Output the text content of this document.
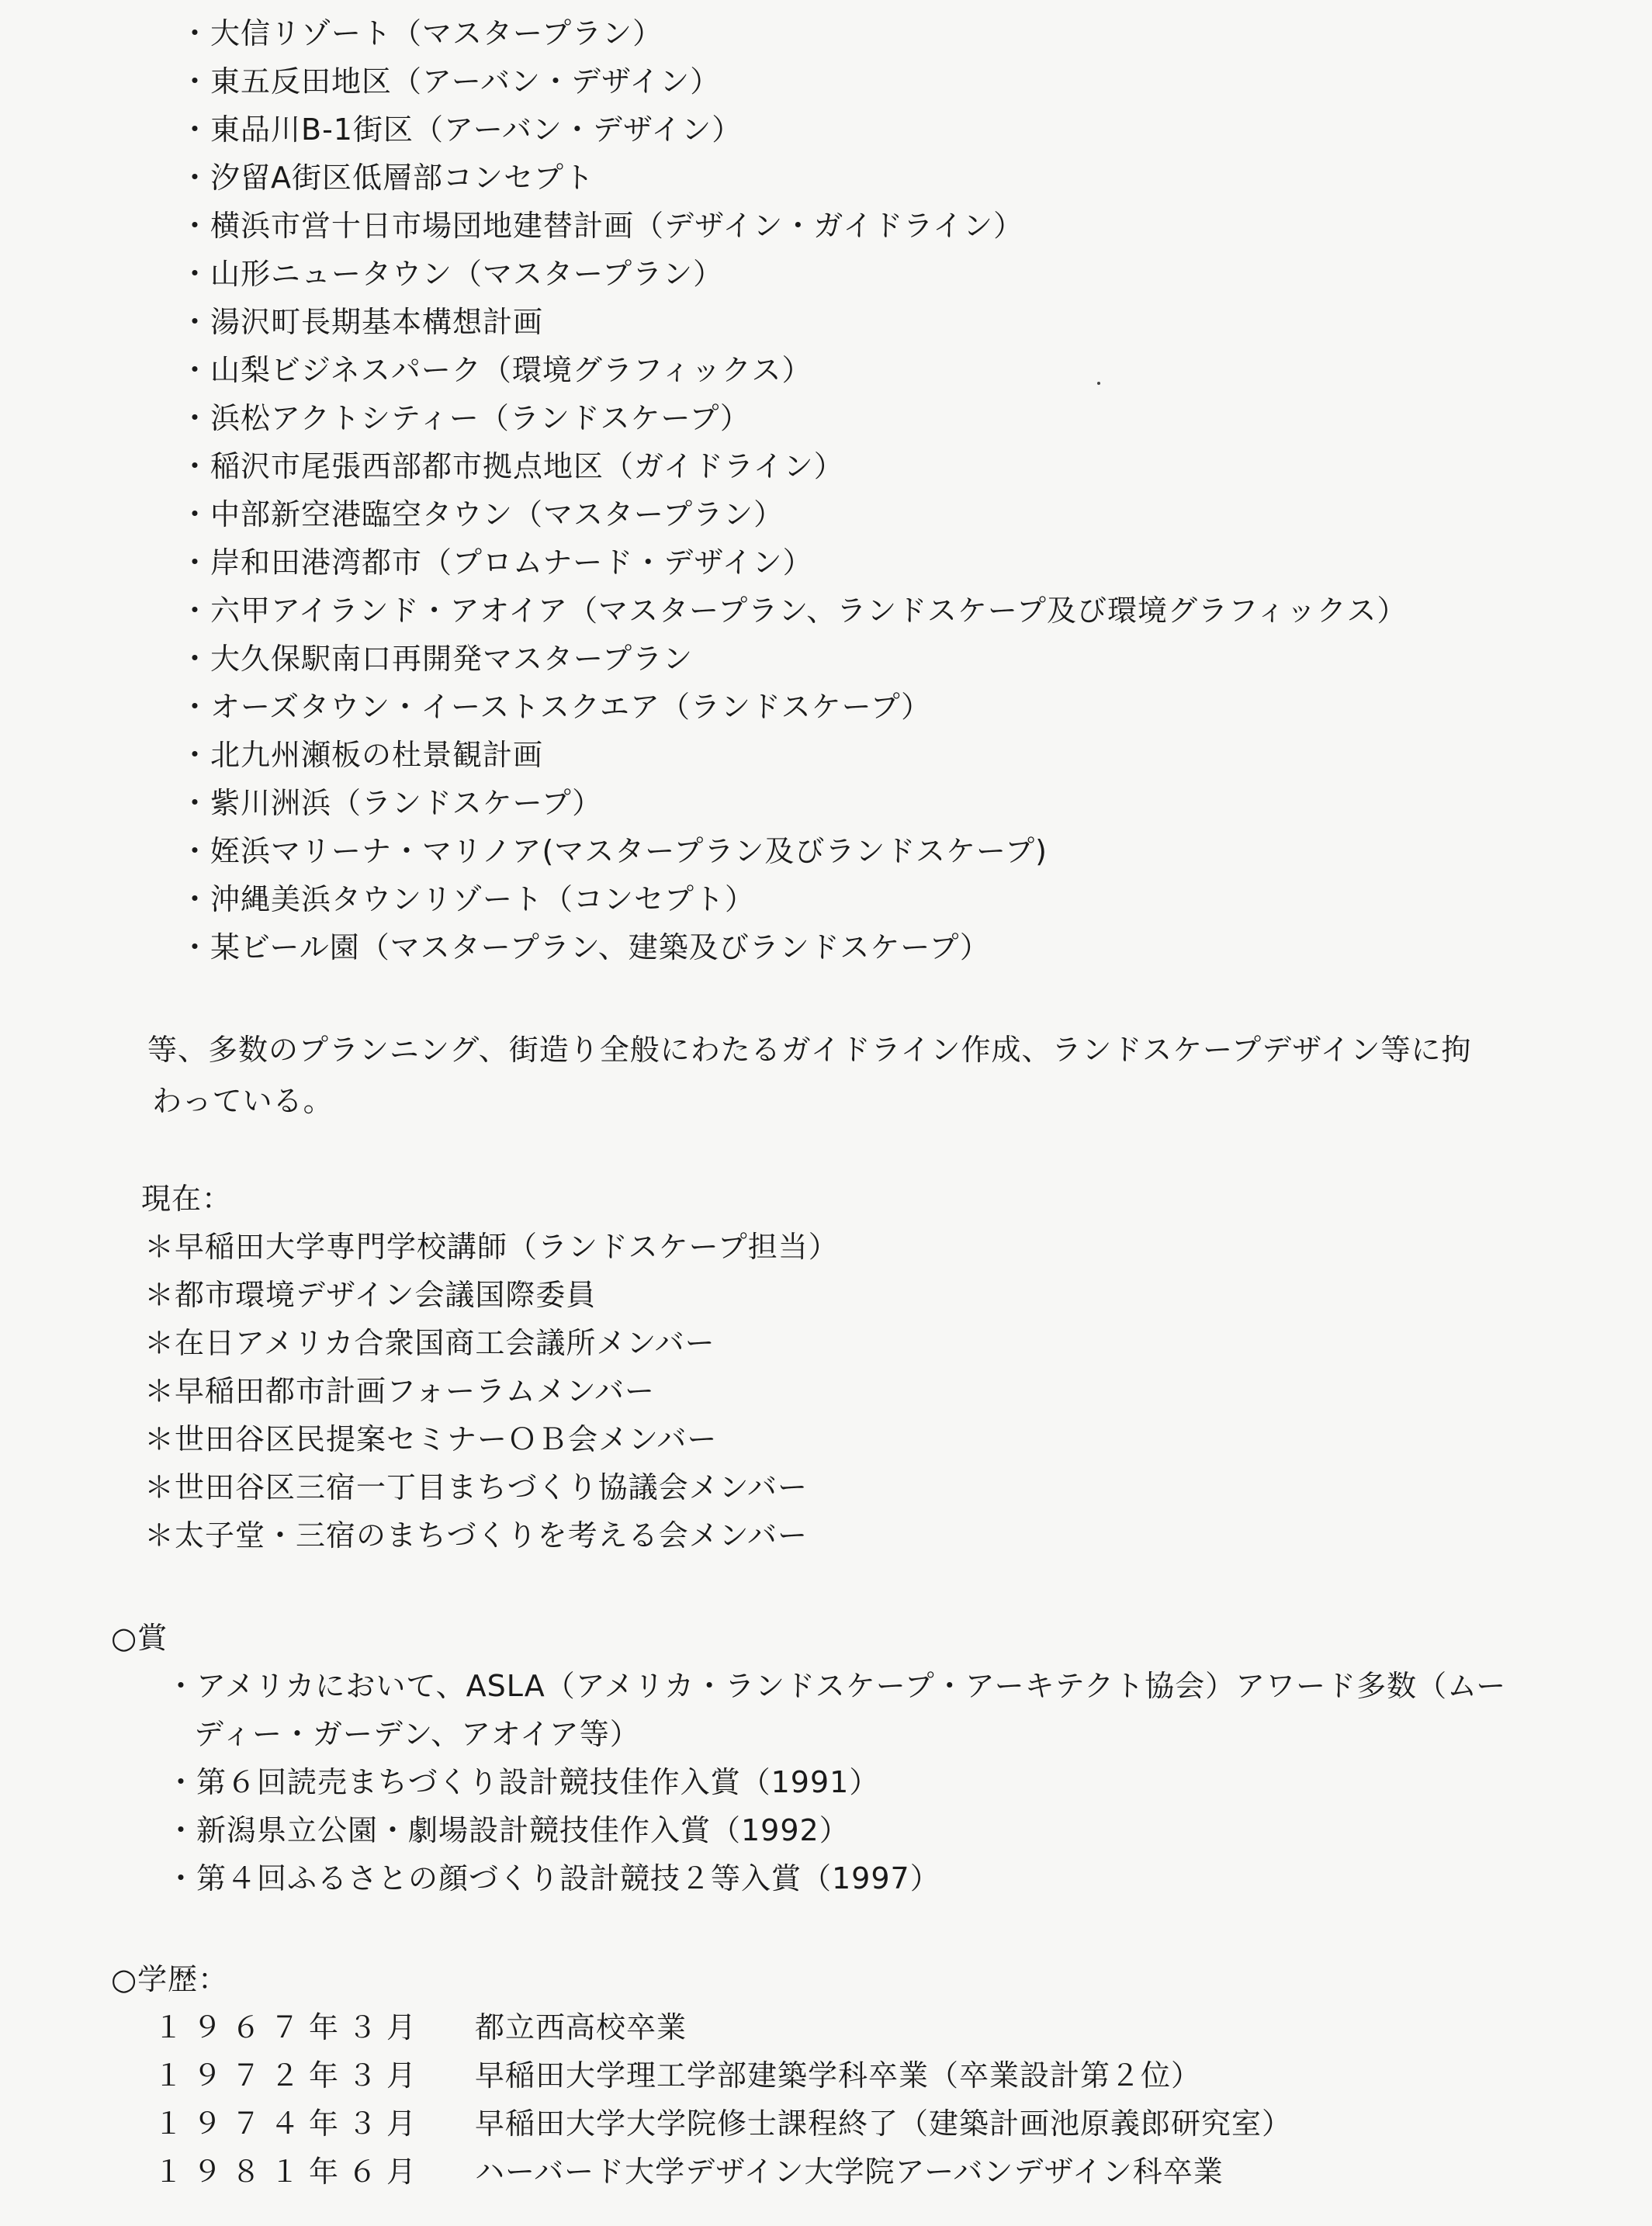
・大信リゾート（マスタープラン）
・東五反田地区（アーバン・デザイン）
・東品川B-1街区（アーバン・デザイン）
・汐留A街区低層部コンセプト
・横浜市営十日市場団地建替計画（デザイン・ガイドライン）
・山形ニュータウン（マスタープラン）
・湯沢町長期基本構想計画
・山梨ビジネスパーク（環境グラフィックス）
・浜松アクトシティー（ランドスケープ）
・稲沢市尾張西部都市拠点地区（ガイドライン）
・中部新空港臨空タウン（マスタープラン）
・岸和田港湾都市（プロムナード・デザイン）
・六甲アイランド・アオイア（マスタープラン、ランドスケープ及び環境グラフィックス）
・大久保駅南口再開発マスタープラン
・オーズタウン・イーストスクエア（ランドスケープ）
・北九州瀬板の杜景観計画
・紫川洲浜（ランドスケープ）
・姪浜マリーナ・マリノア(マスタープラン及びランドスケープ)
・沖縄美浜タウンリゾート（コンセプト）
・某ビール園（マスタープラン、建築及びランドスケープ）
等、多数のプランニング、街造り全般にわたるガイドライン作成、ランドスケープデザイン等に拘
わっている。
現在：
＊早稲田大学専門学校講師（ランドスケープ担当）
＊都市環境デザイン会議国際委員
＊在日アメリカ合衆国商工会議所メンバー
＊早稲田都市計画フォーラムメンバー
＊世田谷区民提案セミナーＯＢ会メンバー
＊世田谷区三宿一丁目まちづくり協議会メンバー
＊太子堂・三宿のまちづくりを考える会メンバー
○賞
・アメリカにおいて、ASLA（アメリカ・ランドスケープ・アーキテクト協会）アワード多数（ムー
ディー・ガーデン、アオイア等）
・第６回読売まちづくり設計競技佳作入賞（1991）
・新潟県立公園・劇場設計競技佳作入賞（1992）
・第４回ふるさとの顔づくり設計競技２等入賞（1997）
○学歴：
１９６７年３月 都立西高校卒業
１９７２年３月 早稲田大学理工学部建築学科卒業（卒業設計第２位）
１９７４年３月 早稲田大学大学院修士課程終了（建築計画池原義郎研究室）
１９８１年６月 ハーバード大学デザイン大学院アーバンデザイン科卒業
